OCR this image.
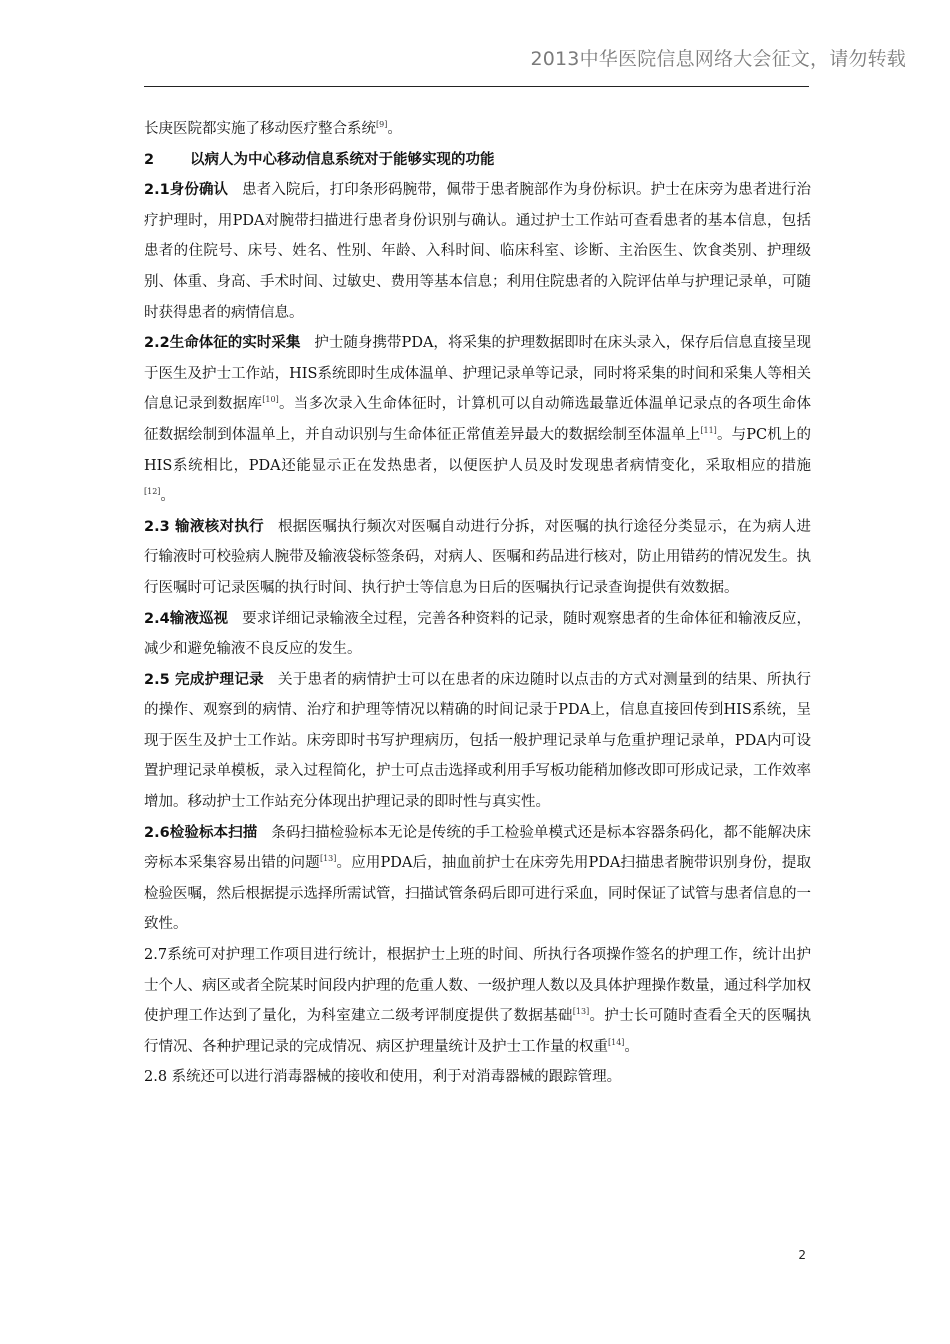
2013中华医院信息网络大会征文，请勿转载

长庚医院都实施了移动医疗整合系统[9]。

2 以病人为中心移动信息系统对于能够实现的功能

2.1身份确认 患者入院后，打印条形码腕带，佩带于患者腕部作为身份标识。护士在床旁为患者进行治疗护理时，用PDA对腕带扫描进行患者身份识别与确认。通过护士工作站可查看患者的基本信息，包括患者的住院号、床号、姓名、性别、年龄、入科时间、临床科室、诊断、主治医生、饮食类别、护理级别、体重、身高、手术时间、过敏史、费用等基本信息；利用住院患者的入院评估单与护理记录单，可随时获得患者的病情信息。

2.2生命体征的实时采集 护士随身携带PDA，将采集的护理数据即时在床头录入，保存后信息直接呈现于医生及护士工作站，HIS系统即时生成体温单、护理记录单等记录，同时将采集的时间和采集人等相关信息记录到数据库[10]。当多次录入生命体征时，计算机可以自动筛选最靠近体温单记录点的各项生命体征数据绘制到体温单上，并自动识别与生命体征正常值差异最大的数据绘制至体温单上[11]。与PC机上的HIS系统相比，PDA还能显示正在发热患者，以便医护人员及时发现患者病情变化，采取相应的措施[12]。

2.3 输液核对执行 根据医嘱执行频次对医嘱自动进行分拆，对医嘱的执行途径分类显示，在为病人进行输液时可校验病人腕带及输液袋标签条码，对病人、医嘱和药品进行核对，防止用错药的情况发生。执行医嘱时可记录医嘱的执行时间、执行护士等信息为日后的医嘱执行记录查询提供有效数据。

2.4输液巡视 要求详细记录输液全过程，完善各种资料的记录，随时观察患者的生命体征和输液反应，减少和避免输液不良反应的发生。

2.5 完成护理记录 关于患者的病情护士可以在患者的床边随时以点击的方式对测量到的结果、所执行的操作、观察到的病情、治疗和护理等情况以精确的时间记录于PDA上，信息直接回传到HIS系统，呈现于医生及护士工作站。床旁即时书写护理病历，包括一般护理记录单与危重护理记录单，PDA内可设置护理记录单模板，录入过程简化，护士可点击选择或利用手写板功能稍加修改即可形成记录，工作效率增加。移动护士工作站充分体现出护理记录的即时性与真实性。

2.6检验标本扫描 条码扫描检验标本无论是传统的手工检验单模式还是标本容器条码化，都不能解决床旁标本采集容易出错的问题[13]。应用PDA后，抽血前护士在床旁先用PDA扫描患者腕带识别身份，提取检验医嘱，然后根据提示选择所需试管，扫描试管条码后即可进行采血，同时保证了试管与患者信息的一致性。

2.7系统可对护理工作项目进行统计，根据护士上班的时间、所执行各项操作签名的护理工作，统计出护士个人、病区或者全院某时间段内护理的危重人数、一级护理人数以及具体护理操作数量，通过科学加权使护理工作达到了量化，为科室建立二级考评制度提供了数据基础[13]。护士长可随时查看全天的医嘱执行情况、各种护理记录的完成情况、病区护理量统计及护士工作量的权重[14]。

2.8 系统还可以进行消毒器械的接收和使用，利于对消毒器械的跟踪管理。

2
